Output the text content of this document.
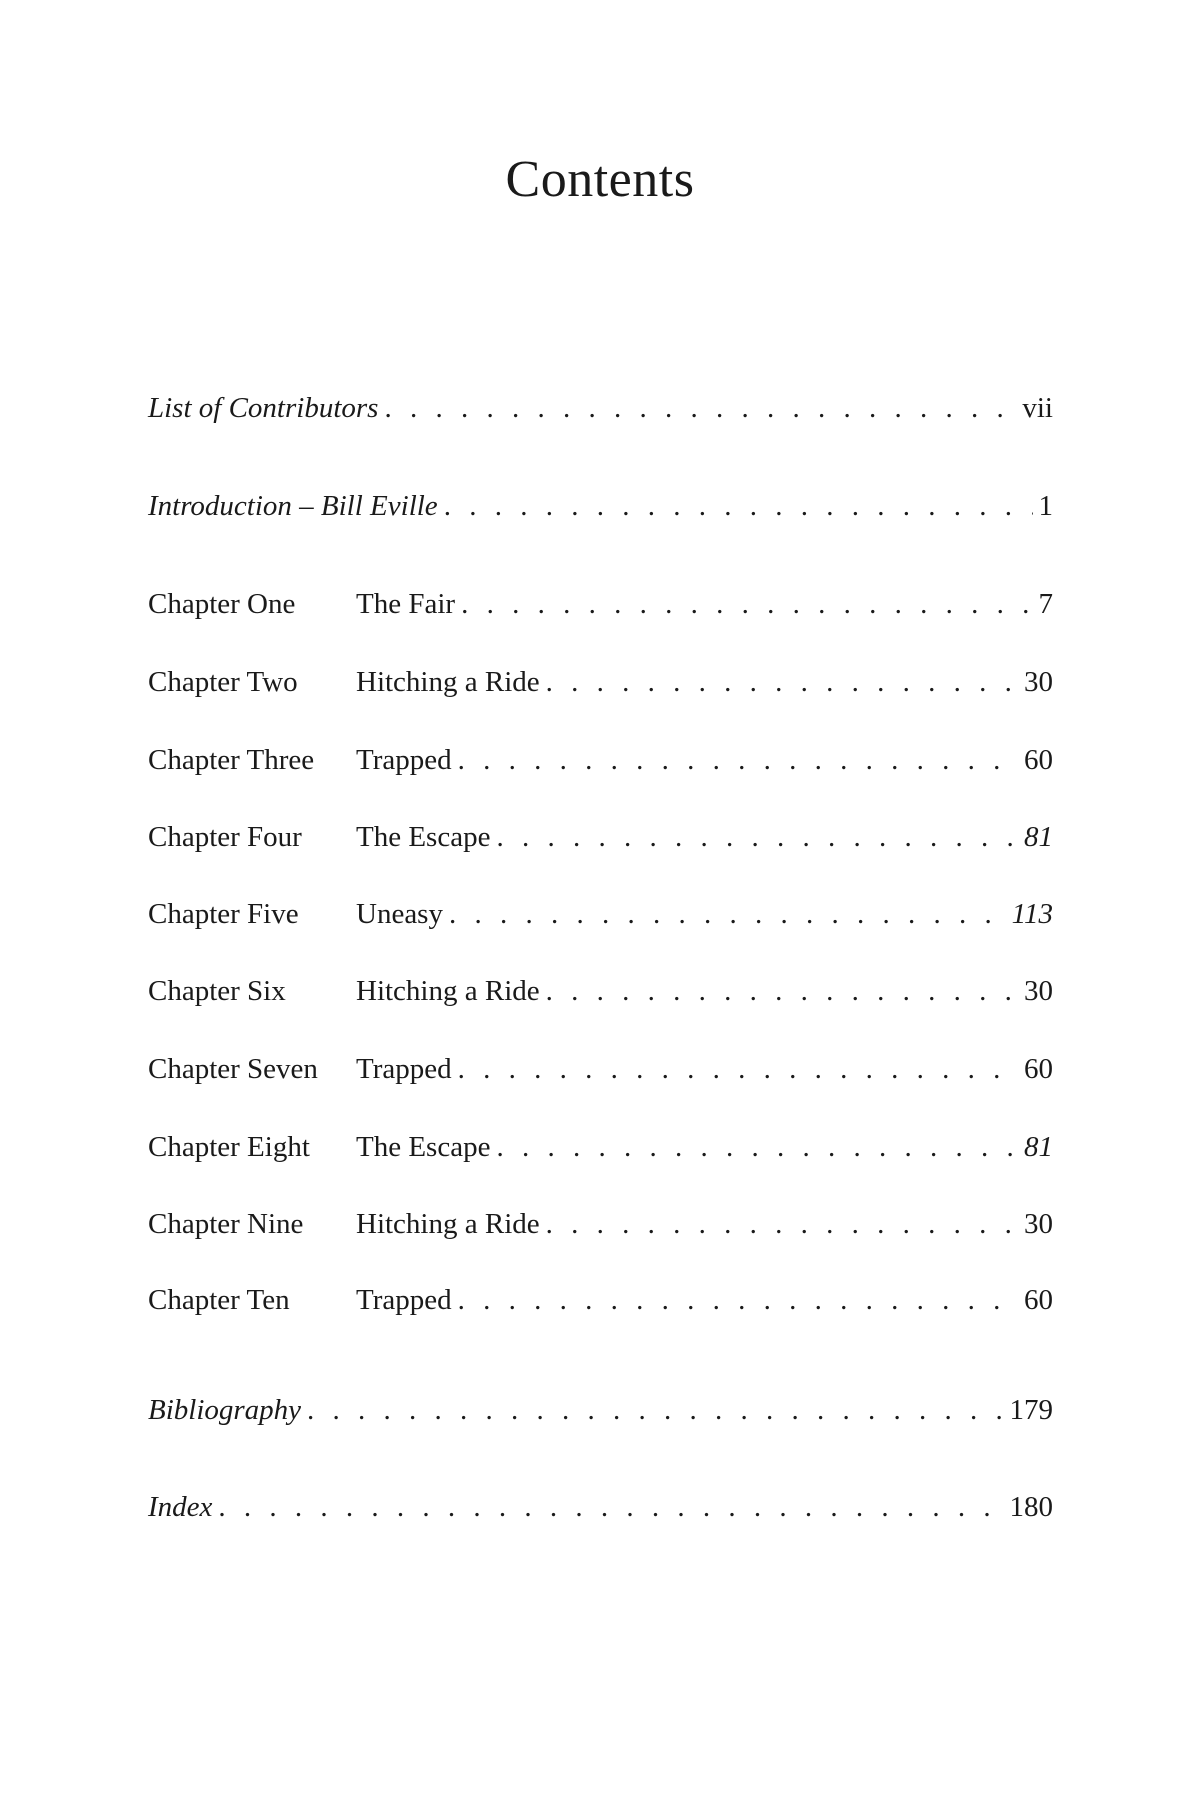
Contents
List of Contributors . . .	vii
Introduction – Bill Eville . . .	1
Chapter One	The Fair . . .	7
Chapter Two	Hitching a Ride . . .	30
Chapter Three	Trapped . . .	60
Chapter Four	The Escape . . .	81
Chapter Five	Uneasy . . .	113
Chapter Six	Hitching a Ride . . .	30
Chapter Seven	Trapped . . .	60
Chapter Eight	The Escape . . .	81
Chapter Nine	Hitching a Ride . . .	30
Chapter Ten	Trapped . . .	60
Bibliography . . .	179
Index . . .	180
